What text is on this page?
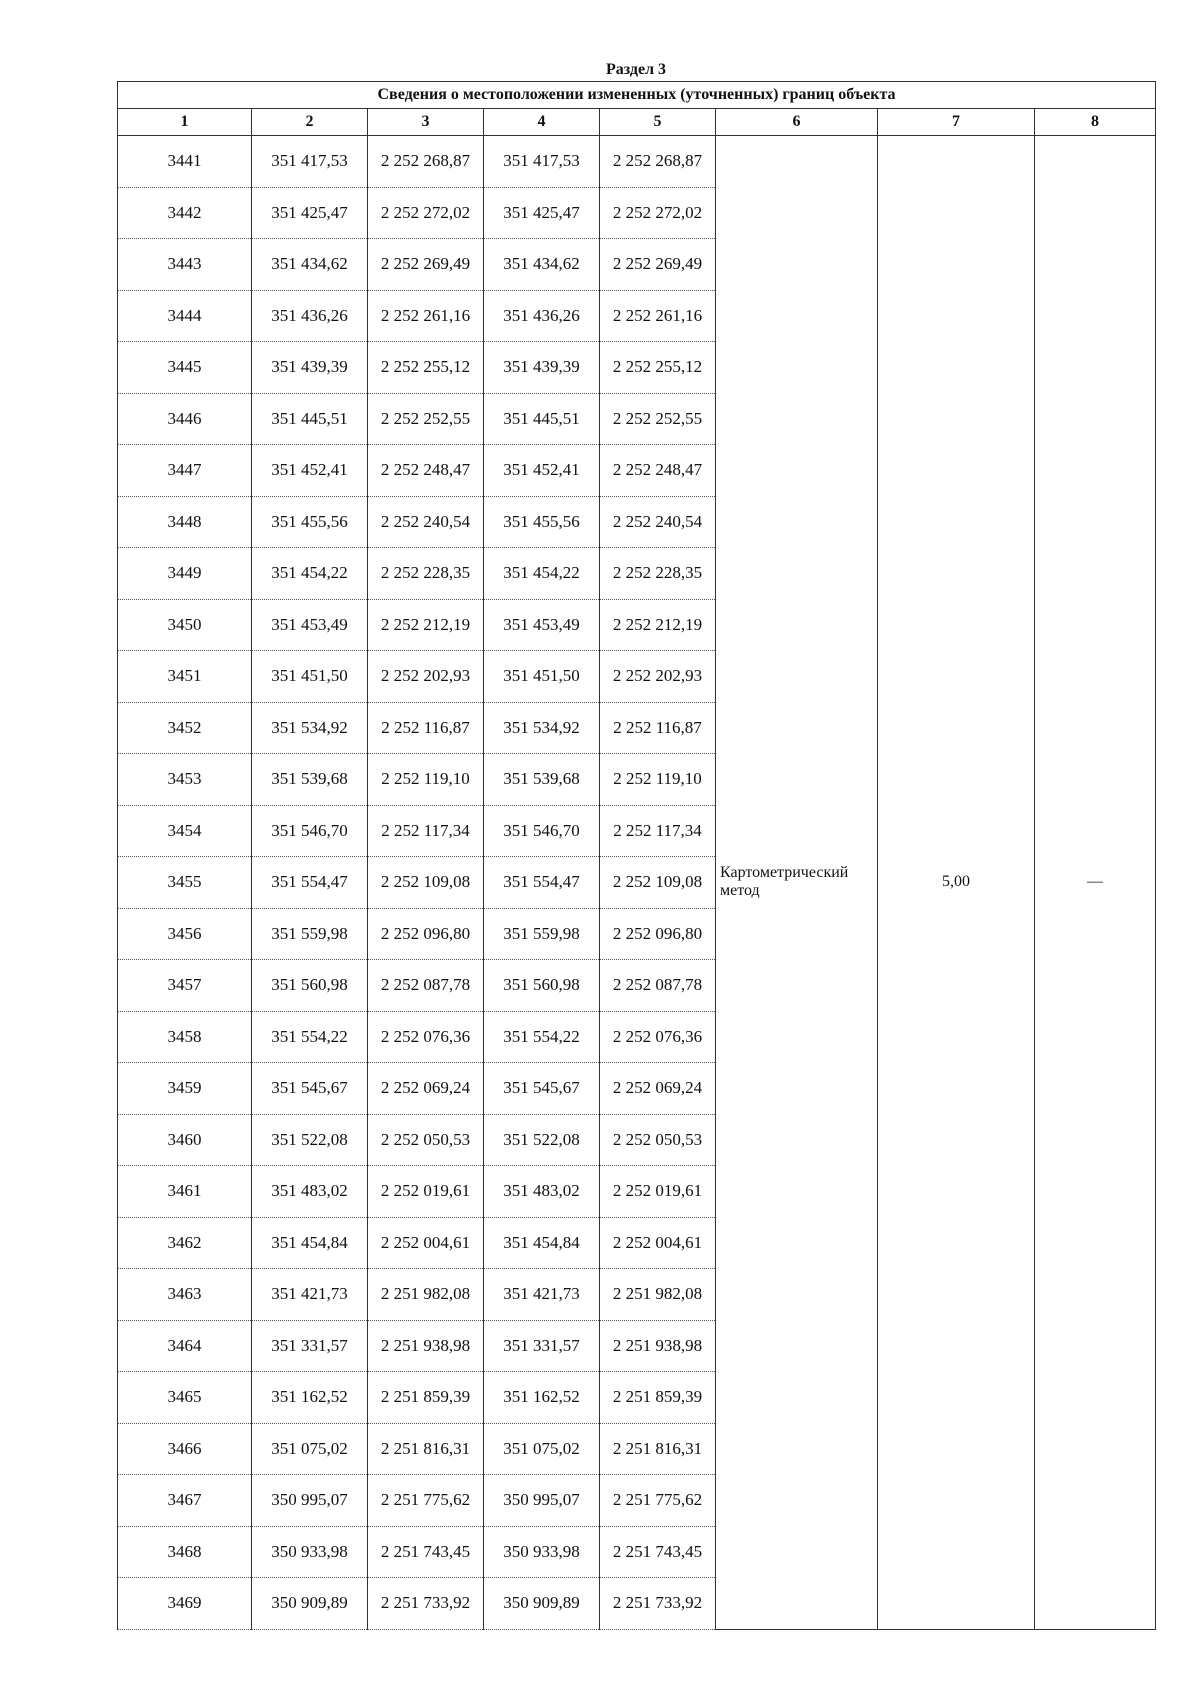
Раздел 3
Сведения о местоположении измененных (уточненных) границ объекта							
1	2	3	4	5	6	7	8
3441	351 417,53	2 252 268,87	351 417,53	2 252 268,87	Картометрический метод	5,00	—
3442	351 425,47	2 252 272,02	351 425,47	2 252 272,02			
3443	351 434,62	2 252 269,49	351 434,62	2 252 269,49			
3444	351 436,26	2 252 261,16	351 436,26	2 252 261,16			
3445	351 439,39	2 252 255,12	351 439,39	2 252 255,12			
3446	351 445,51	2 252 252,55	351 445,51	2 252 252,55			
3447	351 452,41	2 252 248,47	351 452,41	2 252 248,47			
3448	351 455,56	2 252 240,54	351 455,56	2 252 240,54			
3449	351 454,22	2 252 228,35	351 454,22	2 252 228,35			
3450	351 453,49	2 252 212,19	351 453,49	2 252 212,19			
3451	351 451,50	2 252 202,93	351 451,50	2 252 202,93			
3452	351 534,92	2 252 116,87	351 534,92	2 252 116,87			
3453	351 539,68	2 252 119,10	351 539,68	2 252 119,10			
3454	351 546,70	2 252 117,34	351 546,70	2 252 117,34			
3455	351 554,47	2 252 109,08	351 554,47	2 252 109,08			
3456	351 559,98	2 252 096,80	351 559,98	2 252 096,80			
3457	351 560,98	2 252 087,78	351 560,98	2 252 087,78			
3458	351 554,22	2 252 076,36	351 554,22	2 252 076,36			
3459	351 545,67	2 252 069,24	351 545,67	2 252 069,24			
3460	351 522,08	2 252 050,53	351 522,08	2 252 050,53			
3461	351 483,02	2 252 019,61	351 483,02	2 252 019,61			
3462	351 454,84	2 252 004,61	351 454,84	2 252 004,61			
3463	351 421,73	2 251 982,08	351 421,73	2 251 982,08			
3464	351 331,57	2 251 938,98	351 331,57	2 251 938,98			
3465	351 162,52	2 251 859,39	351 162,52	2 251 859,39			
3466	351 075,02	2 251 816,31	351 075,02	2 251 816,31			
3467	350 995,07	2 251 775,62	350 995,07	2 251 775,62			
3468	350 933,98	2 251 743,45	350 933,98	2 251 743,45			
3469	350 909,89	2 251 733,92	350 909,89	2 251 733,92			
